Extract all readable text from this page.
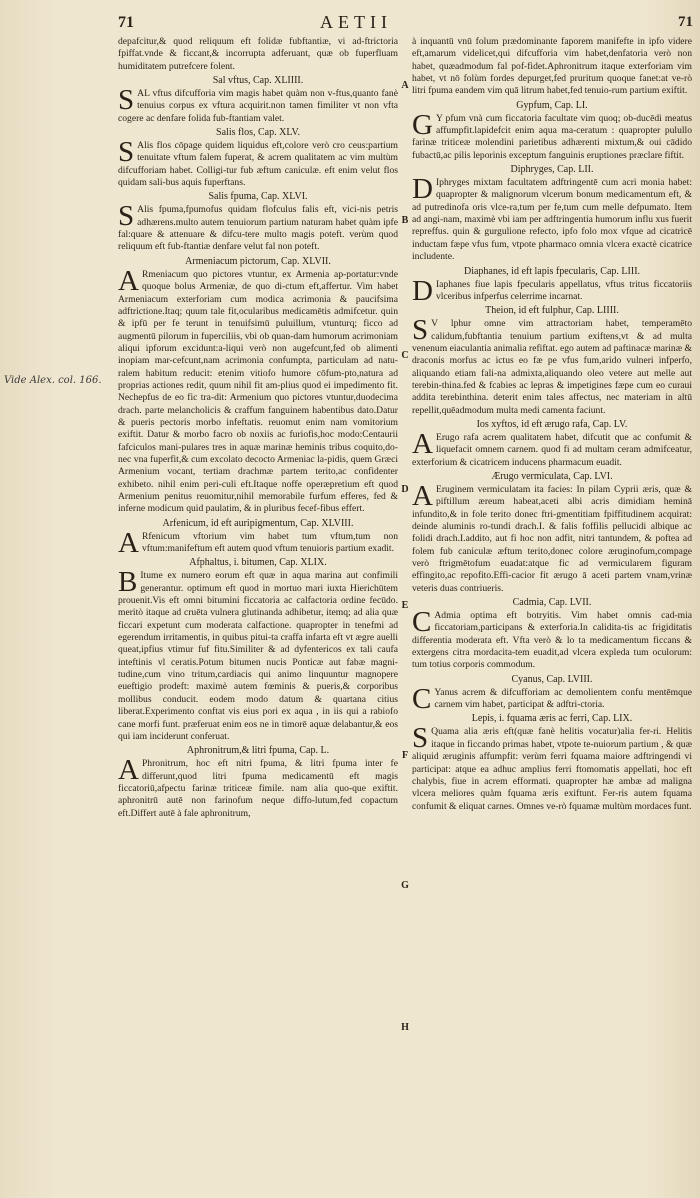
71	AETII	71
Vide Alex. col. 166.
A
B
C
D
E
F
G
H

depafcitur,& quod reliquum eft folidæ fubftantiæ, vi ad-ftrictoria fpiffat.vnde & ficcant,& incorrupta adferuant, quæ ob fuperfluam humiditatem putrefcere folent.

Sal vftus, Cap. XLIIII.

SAL vftus difcufforia vim magis habet quàm non v-ftus,quanto fanè tenuius corpus ex vftura acquirit.non tamen fimiliter vt non vfta cogere ac denfare folida fub-ftantiam valet.

Salis flos, Cap. XLV.

S Alis flos cōpage quidem liquidus eft,colore verò cro ceus:partium tenuitate vftum falem fuperat, & acrem qualitatem ac vim multùm difcufforiam habet. Colligi-tur fub æftum caniculæ. eft enim velut flos quidam sali-bus aquis fuperftans.

Salis fpuma, Cap. XLVI.

S Alis fpuma,fpumofus quidam flofculus falis eft, vici-nis petris adhærens.multo autem tenuiorum partium naturam habet quàm ipfe fal:quare & attenuare & difcu-tere multo magis poteft. verùm quod reliquum eft fub-ftantiæ denfare velut fal non poteft.

Armeniacum pictorum, Cap. XLVII.

A Rmeniacum quo pictores vtuntur, ex Armenia ap-portatur:vnde quoque bolus Armeniæ, de quo di-ctum eft,affertur. Vim habet Armeniacum exterforiam cum modica acrimonia & paucifsima adftrictione.Itaq; quum tale fit,ocularibus medicamētis admifcetur. quin & ipfū per fe terunt in tenuifsimū puluillum, vtunturq; ficco ad augmentū pilorum in fuperciliis, vbi ob quan-dam humorum acrimoniam aliqui ipforum excidunt:a-liqui verò non augefcunt,fed ob alimenti inopiam mar-cefcunt,nam acrimonia confumpta, particulam ad natu-ralem habitum reducit: etenim vitiofo humore cōfum-pto,natura ad proprias actiones redit, quum nihil fit am-plius quod ei impedimento fit. Nechepfus de eo fic tra-dit: Armenium quo pictores vtuntur,duodecima drach. parte melancholicis & craffum fanguinem habentibus dato.Datur & pueris pectoris morbo infeftatis. reuomut enim nam vomitorium exiftit. Datur & morbo facro ob noxiis ac furiofis,hoc modo:Centaurii fafciculos mani-pulares tres in aquæ marinæ heminis tribus coquito,do-nec vna fuperfit,& cum excolato decocto Armeniac la-pidis, quem Græci Armenium vocant, tertiam drachmæ partem terito,ac confidenter exhibeto. nihil enim peri-culi eft.Itaque noffe operæpretium eft quod Armenium penitus reuomitur,nihil memorabile furfum efferes, fed & inferne modicum quid paulatim, & in pluribus fecef-fibus effert.

Arfenicum, id eft auripigmentum, Cap. XLVIII.

A Rfenicum vftorium vim habet tum vftum,tum non vftum:manifeftum eft autem quod vftum tenuioris partium exadit.

Afphaltus, i. bitumen, Cap. XLIX.

B Itume ex numero eorum eft quæ in aqua marina aut confimili generantur. optimum eft quod in mortuo mari iuxta Hierichūtem prouenit.Vis eft omni bitumini ficcatoria ac calfactoria ordine fecūdo. meritò itaque ad cruēta vulnera glutinanda adhibetur, itemq; ad alia quæ ficcari expetunt cum moderata calfactione. quapropter in tenefmi ad egerendum irritamentis, in quibus pitui-ta craffa infarta eft vt ægre auelli queat,ipfius vtimur fuf fitu.Similiter & ad dyfentericos ex tali caufa inteftinis vl ceratis.Potum bitumen nucis Ponticæ aut fabæ magni-tudine,cum vino tritum,cardiacis qui animo linquuntur magnopere eueftigio prodeft: maximè autem fœminis & pueris,& corporibus mollibus conducit. eodem modo datum & quartana citius liberat.Experimento conftat vis eius pori ex aqua , in iis qui a rabiofo cane morfi funt. præferuat enim eos ne in timorē aquæ delabantur,& eos qui iam inciderunt conferuat.

Aphronitrum,& litri fpuma, Cap. L.

A Phronitrum, hoc eft nitri fpuma, & litri fpuma inter fe differunt,quod litri fpuma medicamentū eft magis ficcatoriū,afpectu farinæ triticeæ fimile. nam alia quo-que exiftit. aphronitrū autē non farinofum neque diffo-lutum,fed copactum eft.Differt autē à fale aphronitrum,

à inquantū vnū folum prædominante faporem manifefte in ipfo videre eft,amarum videlicet,qui difcufforia vim habet,denfatoria verò non habet, quæadmodum fal pof-fidet.Aphronitrum itaque exterforiam vim habet, vt nō folùm fordes depurget,fed pruritum quoque fanet:at ve-rò litri fpuma eandem vim quā litrum habet,fed tenuio-rum partium exiftit.

Gypfum, Cap. LI.

G Y pfum vnà cum ficcatoria facultate vim quoq; ob-ducēdi meatus affumpfit.lapidefcit enim aqua ma-ceratum : quapropter pulullo farinæ triticeæ molendini parietibus adhærenti mixtum,& oui cādido fubactū,ac pilis leporinis exceptum fanguinis eruptiones præclare fiftit.

Diphryges, Cap. LII.

D Iphryges mixtam facultatem adftringentē cum acri monia habet: quapropter & malignorum vlcerum bonum medicamentum eft, & ad putredinofa oris vlce-ra,tum per fe,tum cum melle defpumato. Item ad angi-nam, maximè vbi iam per adftringentia humorum influ xus fuerit repreffus. quin & gurgulione refecto, ipfo folo mox vfque ad cicatricē inductam fæpe vfus fum, vtpote pharmaco omnia vlcera exactè cicatrice includente.

Diaphanes, id eft lapis fpecularis, Cap. LIII.

D Iaphanes fiue lapis fpecularis appellatus, vftus tritus ficcatoriis vlceribus infperfus celerrime incarnat.

Theion, id eft fulphur, Cap. LIIII.

S V lphur omne vim attractoriam habet, temperamēto calidum,fubftantia tenuium partium exiftens,vt & ad multa venenum eiaculantia animalia refiftat. ego autem ad paftinacæ marinæ & draconis morfus ac ictus eo fæ pe vfus fum,arido vulneri infperfo, aliquando etiam fali-na admixta,aliquando oleo vetere aut melle aut terebin-thina.fed & fcabies ac lepras & impetigines fæpe cum eo curaui addita terebinthina. deterit enim tales affectus, nec materiam in altū repellit,quēadmodum multa medi camenta faciunt.

Ios xyftos, id eft ærugo rafa, Cap. LV.

A Erugo rafa acrem qualitatem habet, difcutit que ac confumit & liquefacit omnem carnem. quod fi ad multam ceram admifceatur, exterforium & cicatricem inducens pharmacum euadit.

Ærugo vermiculata, Cap. LVI.

A Eruginem vermiculatam ita facies: In pilam Cyprii æris, quæ & piftillum æreum habeat,aceti albi acris dimidiam heminā infundito,& in fole terito donec ftri-gmentitiam fpiffitudinem acquirat: deinde aluminis ro-tundi drach.I. & falis foffilis pellucidi albique ac folidi drach.I.addito, aut fi hoc non adfit, nitri tantundem, & poftea ad folem fub caniculæ æftum terito,donec colore æruginofum,compage verò ftrigmētofum euadat:atque fic ad vermicularem figuram effingito,ac repofito.Effi-cacior fit ærugo ā aceti partem vnam,vrinæ veteris duas contriueris.

Cadmia, Cap. LVII.

C Admia optima eft botryitis. Vim habet omnis cad-mia ficcatoriam,participans & exterforia.In calidita-tis ac frigiditatis differentia moderata eft. Vfta verò & lo ta medicamentum ficcans & extergens citra mordacita-tem euadit,ad vlcera expleda tum oculorum: tum totius corporis commodum.

Cyanus, Cap. LVIII.

C Yanus acrem & difcufforiam ac demolientem confu mentēmque carnem vim habet, participat & adftri-ctoria.

Lepis, i. fquama æris ac ferri, Cap. LIX.

S Quama alia æris eft(quæ fanè helitis vocatur)alia fer-ri. Helitis itaque in ficcando primas habet, vtpote te-nuiorum partium , & quæ aliquid æruginis affumpfit: verùm ferri fquama maiore adftringendi vi participat: atque ea adhuc amplius ferri ftomomatis appellati, hoc eft chalybis, fiue in acrem efformati. quapropter hæ ambæ ad maligna vlcera meliores quàm fquama æris exiftunt. Fer-ris autem fquama confumit & eliquat carnes. Omnes ve-rò fquamæ multùm mordaces funt.
